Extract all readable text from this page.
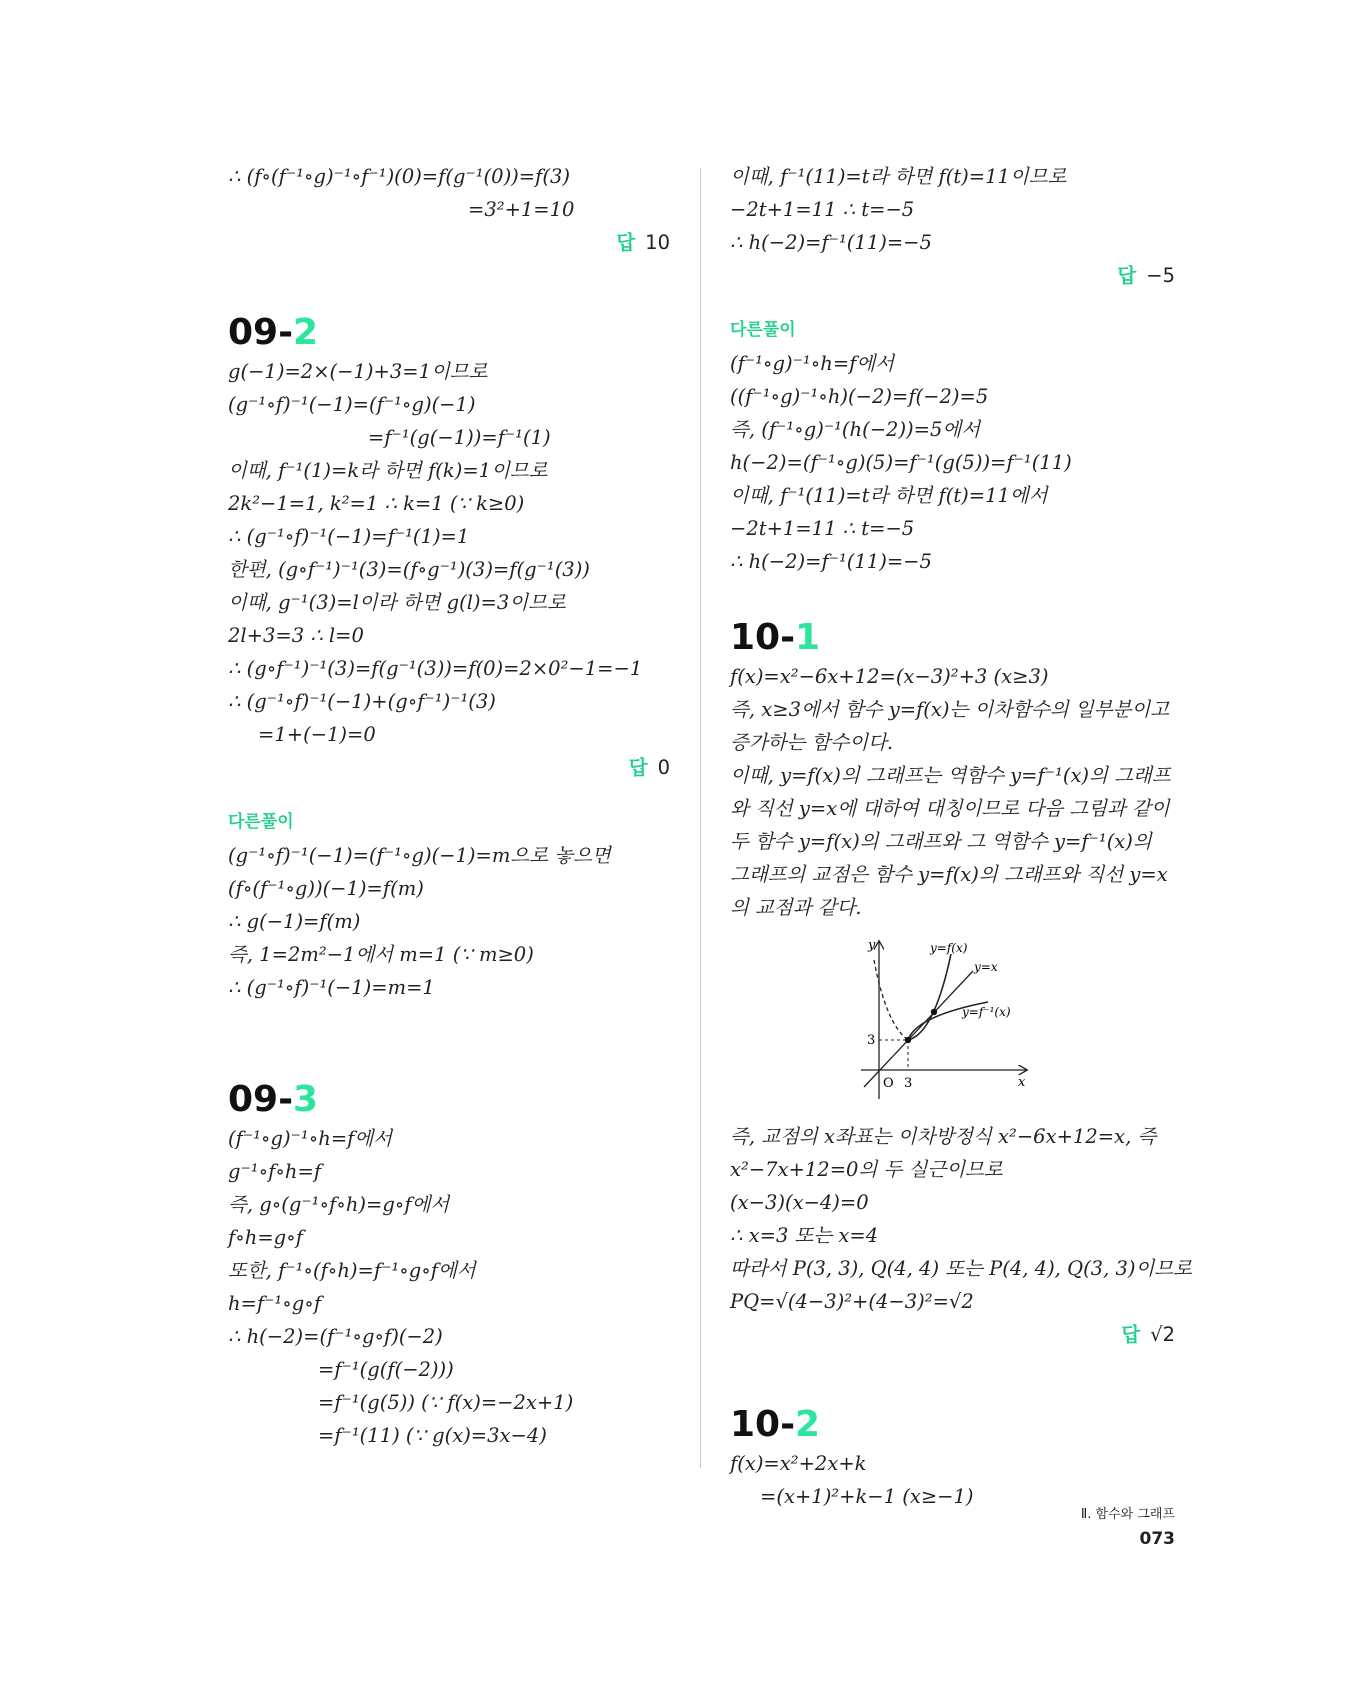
∴ (f∘(f⁻¹∘g)⁻¹∘f⁻¹)(0)=f(g⁻¹(0))=f(3)
=3²+1=10
답 10
09-2
g(−1)=2×(−1)+3=1이므로
(g⁻¹∘f)⁻¹(−1)=(f⁻¹∘g)(−1)
=f⁻¹(g(−1))=f⁻¹(1)
이때, f⁻¹(1)=k라 하면 f(k)=1이므로
2k²−1=1, k²=1 ∴ k=1 (∵ k≥0)
∴ (g⁻¹∘f)⁻¹(−1)=f⁻¹(1)=1
한편, (g∘f⁻¹)⁻¹(3)=(f∘g⁻¹)(3)=f(g⁻¹(3))
이때, g⁻¹(3)=l이라 하면 g(l)=3이므로
2l+3=3 ∴ l=0
∴ (g∘f⁻¹)⁻¹(3)=f(g⁻¹(3))=f(0)=2×0²−1=−1
∴ (g⁻¹∘f)⁻¹(−1)+(g∘f⁻¹)⁻¹(3)
=1+(−1)=0
답 0
다른풀이
(g⁻¹∘f)⁻¹(−1)=(f⁻¹∘g)(−1)=m으로 놓으면
(f∘(f⁻¹∘g))(−1)=f(m)
∴ g(−1)=f(m)
즉, 1=2m²−1에서 m=1 (∵ m≥0)
∴ (g⁻¹∘f)⁻¹(−1)=m=1
09-3
(f⁻¹∘g)⁻¹∘h=f에서
g⁻¹∘f∘h=f
즉, g∘(g⁻¹∘f∘h)=g∘f에서
f∘h=g∘f
또한, f⁻¹∘(f∘h)=f⁻¹∘g∘f에서
h=f⁻¹∘g∘f
∴ h(−2)=(f⁻¹∘g∘f)(−2)
=f⁻¹(g(f(−2)))
=f⁻¹(g(5)) (∵ f(x)=−2x+1)
=f⁻¹(11) (∵ g(x)=3x−4)
이때, f⁻¹(11)=t라 하면 f(t)=11이므로
−2t+1=11 ∴ t=−5
∴ h(−2)=f⁻¹(11)=−5
답 −5
다른풀이
(f⁻¹∘g)⁻¹∘h=f에서
((f⁻¹∘g)⁻¹∘h)(−2)=f(−2)=5
즉, (f⁻¹∘g)⁻¹(h(−2))=5에서
h(−2)=(f⁻¹∘g)(5)=f⁻¹(g(5))=f⁻¹(11)
이때, f⁻¹(11)=t라 하면 f(t)=11에서
−2t+1=11 ∴ t=−5
∴ h(−2)=f⁻¹(11)=−5
10-1
f(x)=x²−6x+12=(x−3)²+3 (x≥3)
즉, x≥3에서 함수 y=f(x)는 이차함수의 일부분이고 증가하는 함수이다.
이때, y=f(x)의 그래프는 역함수 y=f⁻¹(x)의 그래프와 직선 y=x에 대하여 대칭이므로 다음 그림과 같이 두 함수 y=f(x)의 그래프와 그 역함수 y=f⁻¹(x)의 그래프의 교점은 함수 y=f(x)의 그래프와 직선 y=x의 교점과 같다.
y
x
O 3
3
y=f(x)
y=x
y=f⁻¹(x)
즉, 교점의 x좌표는 이차방정식 x²−6x+12=x, 즉
x²−7x+12=0의 두 실근이므로
(x−3)(x−4)=0
∴ x=3 또는 x=4
따라서 P(3, 3), Q(4, 4) 또는 P(4, 4), Q(3, 3)이므로
PQ=√(4−3)²+(4−3)²=√2
답 √2
10-2
f(x)=x²+2x+k
=(x+1)²+k−1 (x≥−1)
Ⅱ. 함수와 그래프073
